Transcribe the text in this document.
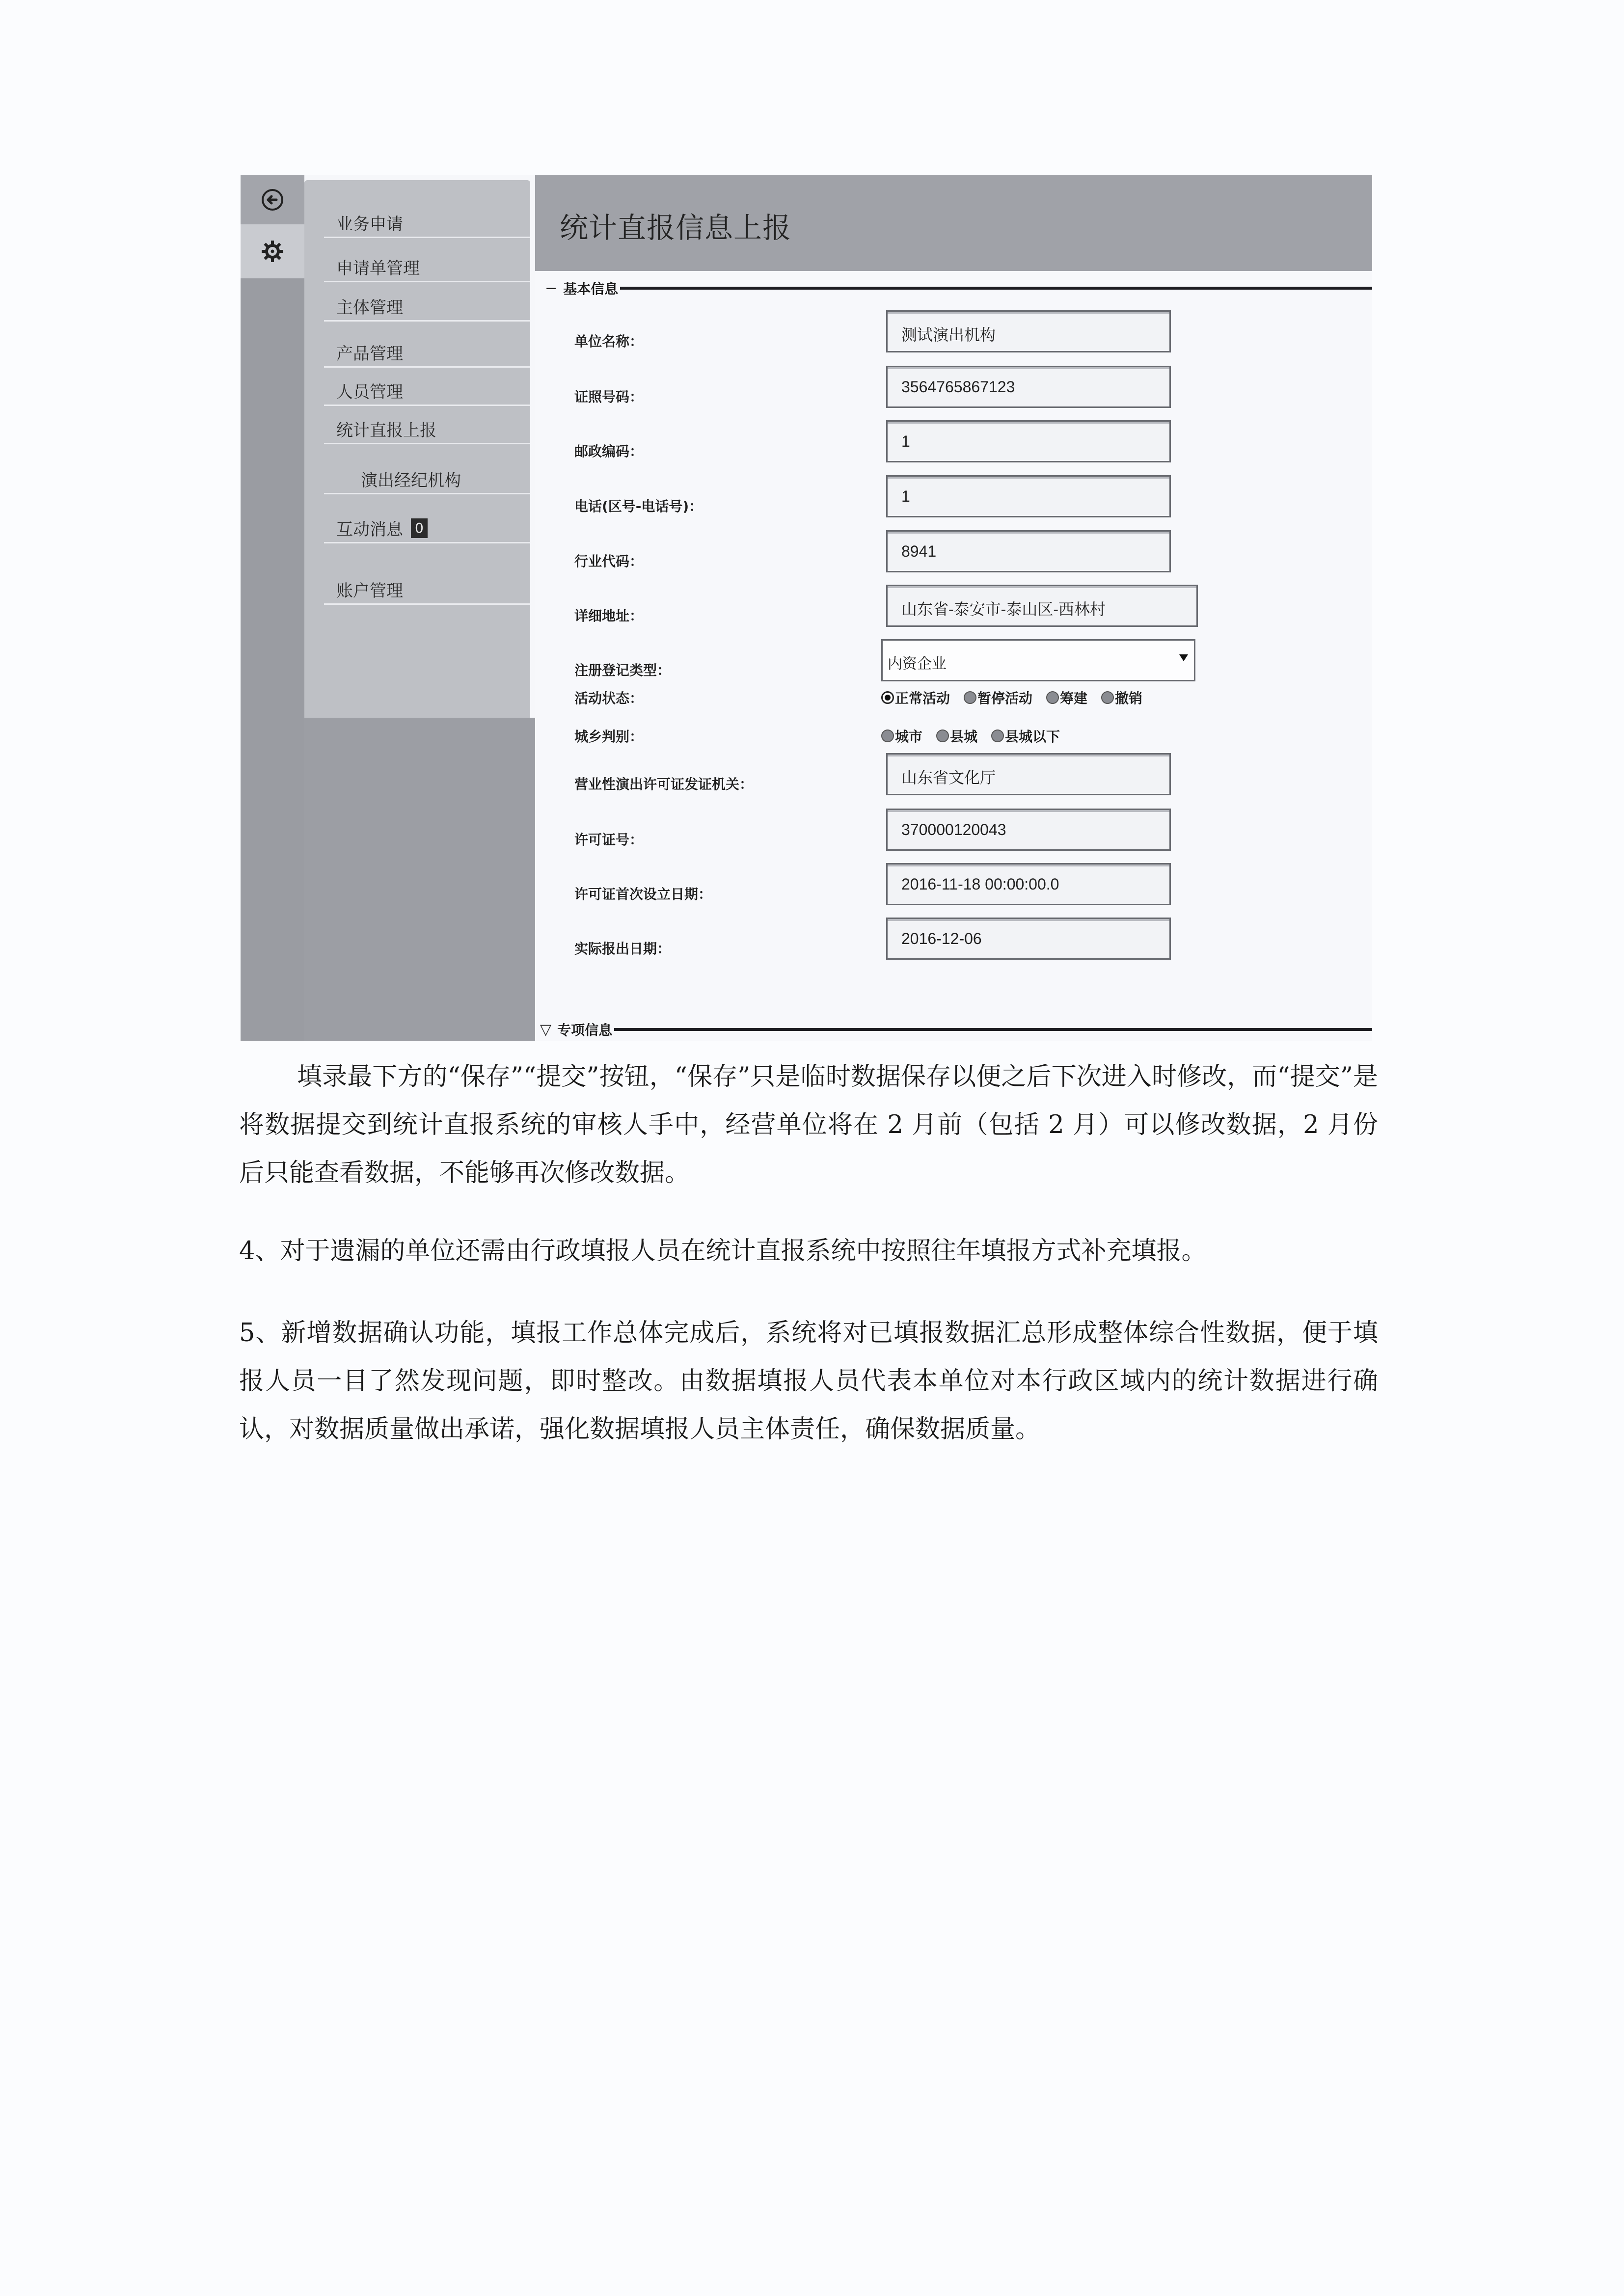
业务申请
申请单管理
主体管理
产品管理
人员管理
统计直报上报
演出经纪机构
互动消息 0
账户管理
统计直报信息上报
− 基本信息
单位名称：	测试演出机构
证照号码：
3564765867123
邮政编码：
1
电话(区号-电话号)：
1
行业代码：
8941
详细地址：	山东省-泰安市-泰山区-西林村
注册登记类型：	内资企业
活动状态：	正常活动 暂停活动 筹建 撤销
城乡判别：	城市 县城 县城以下
营业性演出许可证发证机关：	山东省文化厅
许可证号：
370000120043
许可证首次设立日期：
2016-11-18 00:00:00.0
实际报出日期：
2016-12-06
▽ 专项信息

填录最下方的“保存”“提交”按钮，“保存”只是临时数据保存以便之后下次进入时修改，而“提交”是将数据提交到统计直报系统的审核人手中，经营单位将在 2 月前（包括 2 月）可以修改数据，2 月份后只能查看数据，不能够再次修改数据。

4、对于遗漏的单位还需由行政填报人员在统计直报系统中按照往年填报方式补充填报。

5、新增数据确认功能，填报工作总体完成后，系统将对已填报数据汇总形成整体综合性数据，便于填报人员一目了然发现问题，即时整改。由数据填报人员代表本单位对本行政区域内的统计数据进行确认，对数据质量做出承诺，强化数据填报人员主体责任，确保数据质量。
